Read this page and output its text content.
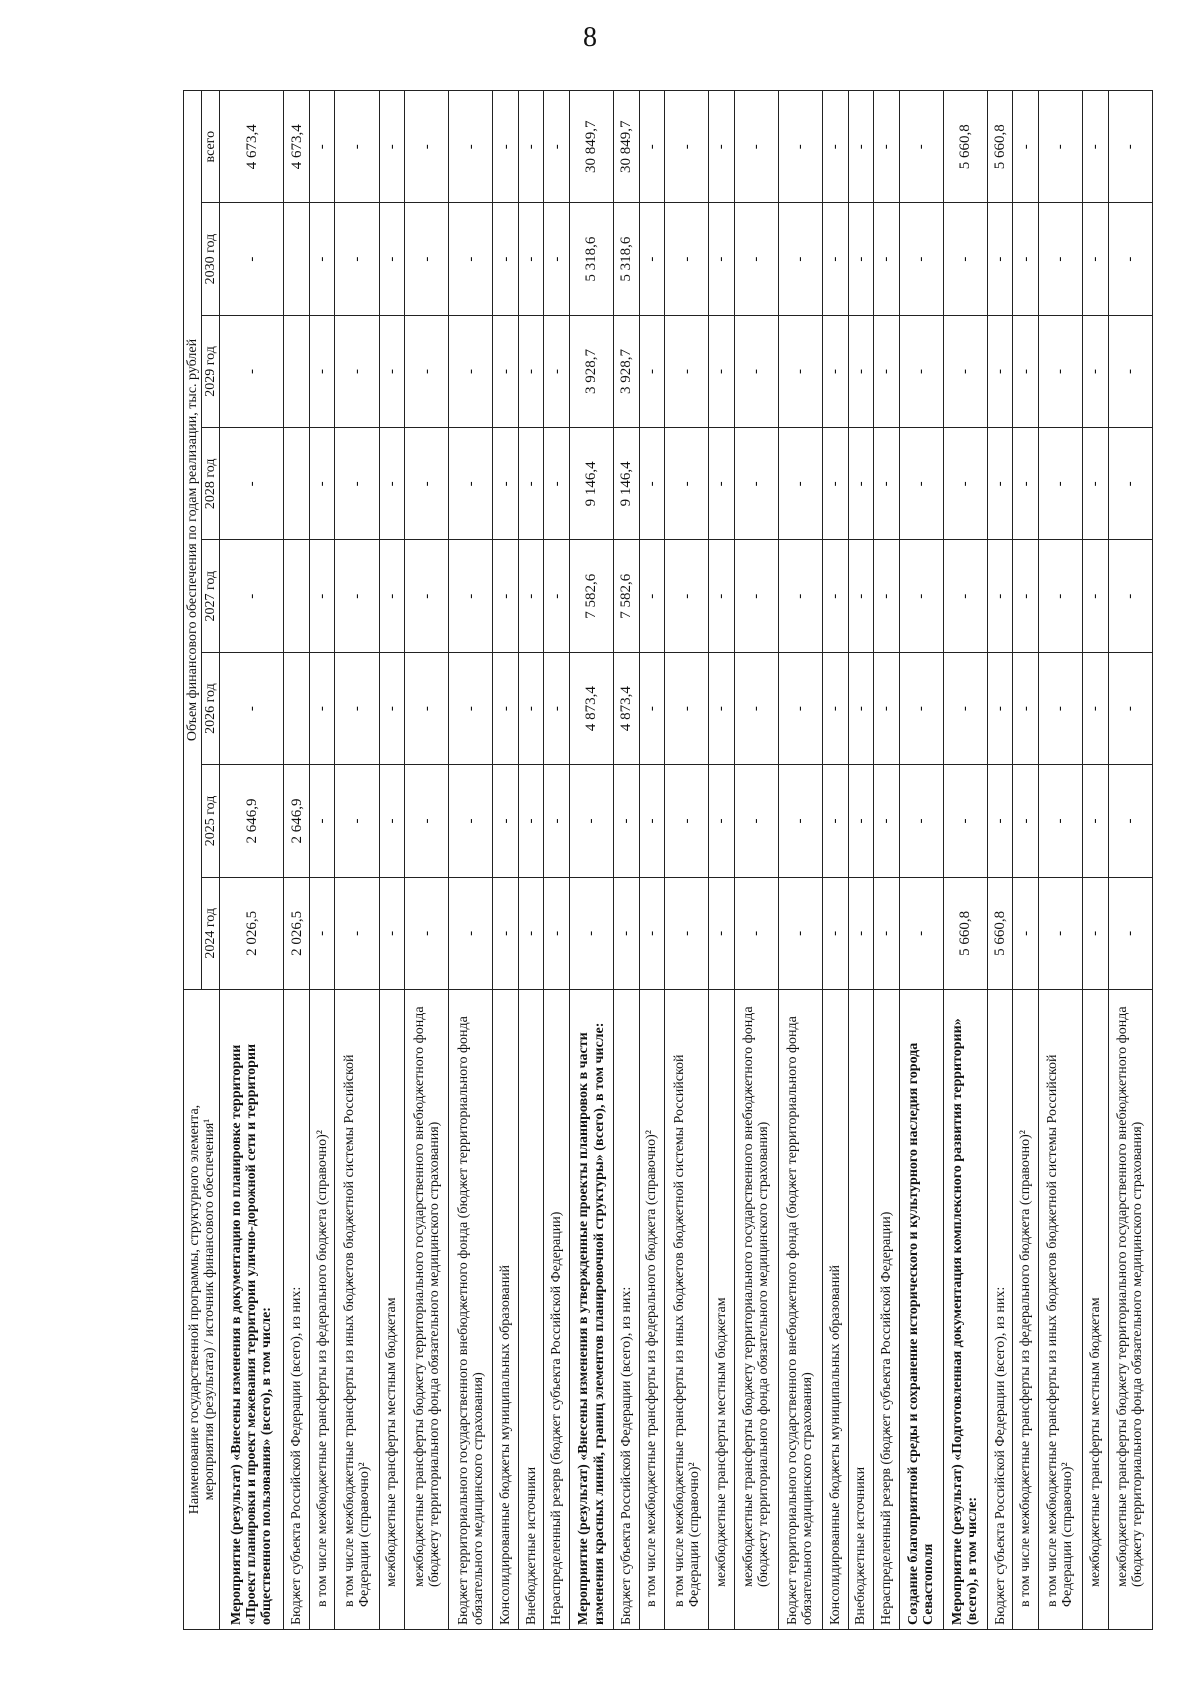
8
Наименование государственной программы, структурного элемента,
мероприятия (результата) / источник финансового обеспечения¹	Объем финансового обеспечения по годам реализации, тыс. рублей							
	2024 год	2025 год	2026 год	2027 год	2028 год	2029 год	2030 год	всего
Мероприятие (результат) «Внесены изменения в документацию по планировке территории «Проект планировки и проект межевания территории улично-дорожной сети и территории общественного пользования» (всего), в том числе:	2 026,5	2 646,9	-	-	-	-	-	4 673,4
Бюджет субъекта Российской Федерации (всего), из них:	2 026,5	2 646,9						4 673,4
в том числе межбюджетные трансферты из федерального бюджета (справочно)²	-	-	-	-	-	-	-	-
в том числе межбюджетные трансферты из иных бюджетов бюджетной системы Российской Федерации (справочно)²	-	-	-	-	-	-	-	-
межбюджетные трансферты местным бюджетам	-	-	-	-	-	-	-	-
межбюджетные трансферты бюджету территориального государственного внебюджетного фонда (бюджету территориального фонда обязательного медицинского страхования)	-	-	-	-	-	-	-	-
Бюджет территориального государственного внебюджетного фонда (бюджет территориального фонда обязательного медицинского страхования)	-	-	-	-	-	-	-	-
Консолидированные бюджеты муниципальных образований	-	-	-	-	-	-	-	-
Внебюджетные источники	-	-	-	-	-	-	-	-
Нераспределенный резерв (бюджет субъекта Российской Федерации)	-	-	-	-	-	-	-	-
Мероприятие (результат) «Внесены изменения в утвержденные проекты планировок в части изменения красных линий, границ элементов планировочной структуры» (всего), в том числе:	-	-	4 873,4	7 582,6	9 146,4	3 928,7	5 318,6	30 849,7
Бюджет субъекта Российской Федерации (всего), из них:	-	-	4 873,4	7 582,6	9 146,4	3 928,7	5 318,6	30 849,7
в том числе межбюджетные трансферты из федерального бюджета (справочно)²	-	-	-	-	-	-	-	-
в том числе межбюджетные трансферты из иных бюджетов бюджетной системы Российской Федерации (справочно)²	-	-	-	-	-	-	-	-
межбюджетные трансферты местным бюджетам	-	-	-	-	-	-	-	-
межбюджетные трансферты бюджету территориального государственного внебюджетного фонда (бюджету территориального фонда обязательного медицинского страхования)	-	-	-	-	-	-	-	-
Бюджет территориального государственного внебюджетного фонда (бюджет территориального фонда обязательного медицинского страхования)	-	-	-	-	-	-	-	-
Консолидированные бюджеты муниципальных образований	-	-	-	-	-	-	-	-
Внебюджетные источники	-	-	-	-	-	-	-	-
Нераспределенный резерв (бюджет субъекта Российской Федерации)	-	-	-	-	-	-	-	-
Создание благоприятной среды и сохранение исторического и культурного наследия города Севастополя	-	-	-	-	-	-	-	-
Мероприятие (результат) «Подготовленная документация комплексного развития территории» (всего), в том числе:	5 660,8	-	-	-	-	-	-	5 660,8
Бюджет субъекта Российской Федерации (всего), из них:	5 660,8	-	-	-	-	-	-	5 660,8
в том числе межбюджетные трансферты из федерального бюджета (справочно)²	-	-	-	-	-	-	-	-
в том числе межбюджетные трансферты из иных бюджетов бюджетной системы Российской Федерации (справочно)²	-	-	-	-	-	-	-	-
межбюджетные трансферты местным бюджетам	-	-	-	-	-	-	-	-
межбюджетные трансферты бюджету территориального государственного внебюджетного фонда (бюджету территориального фонда обязательного медицинского страхования)	-	-	-	-	-	-	-	-
